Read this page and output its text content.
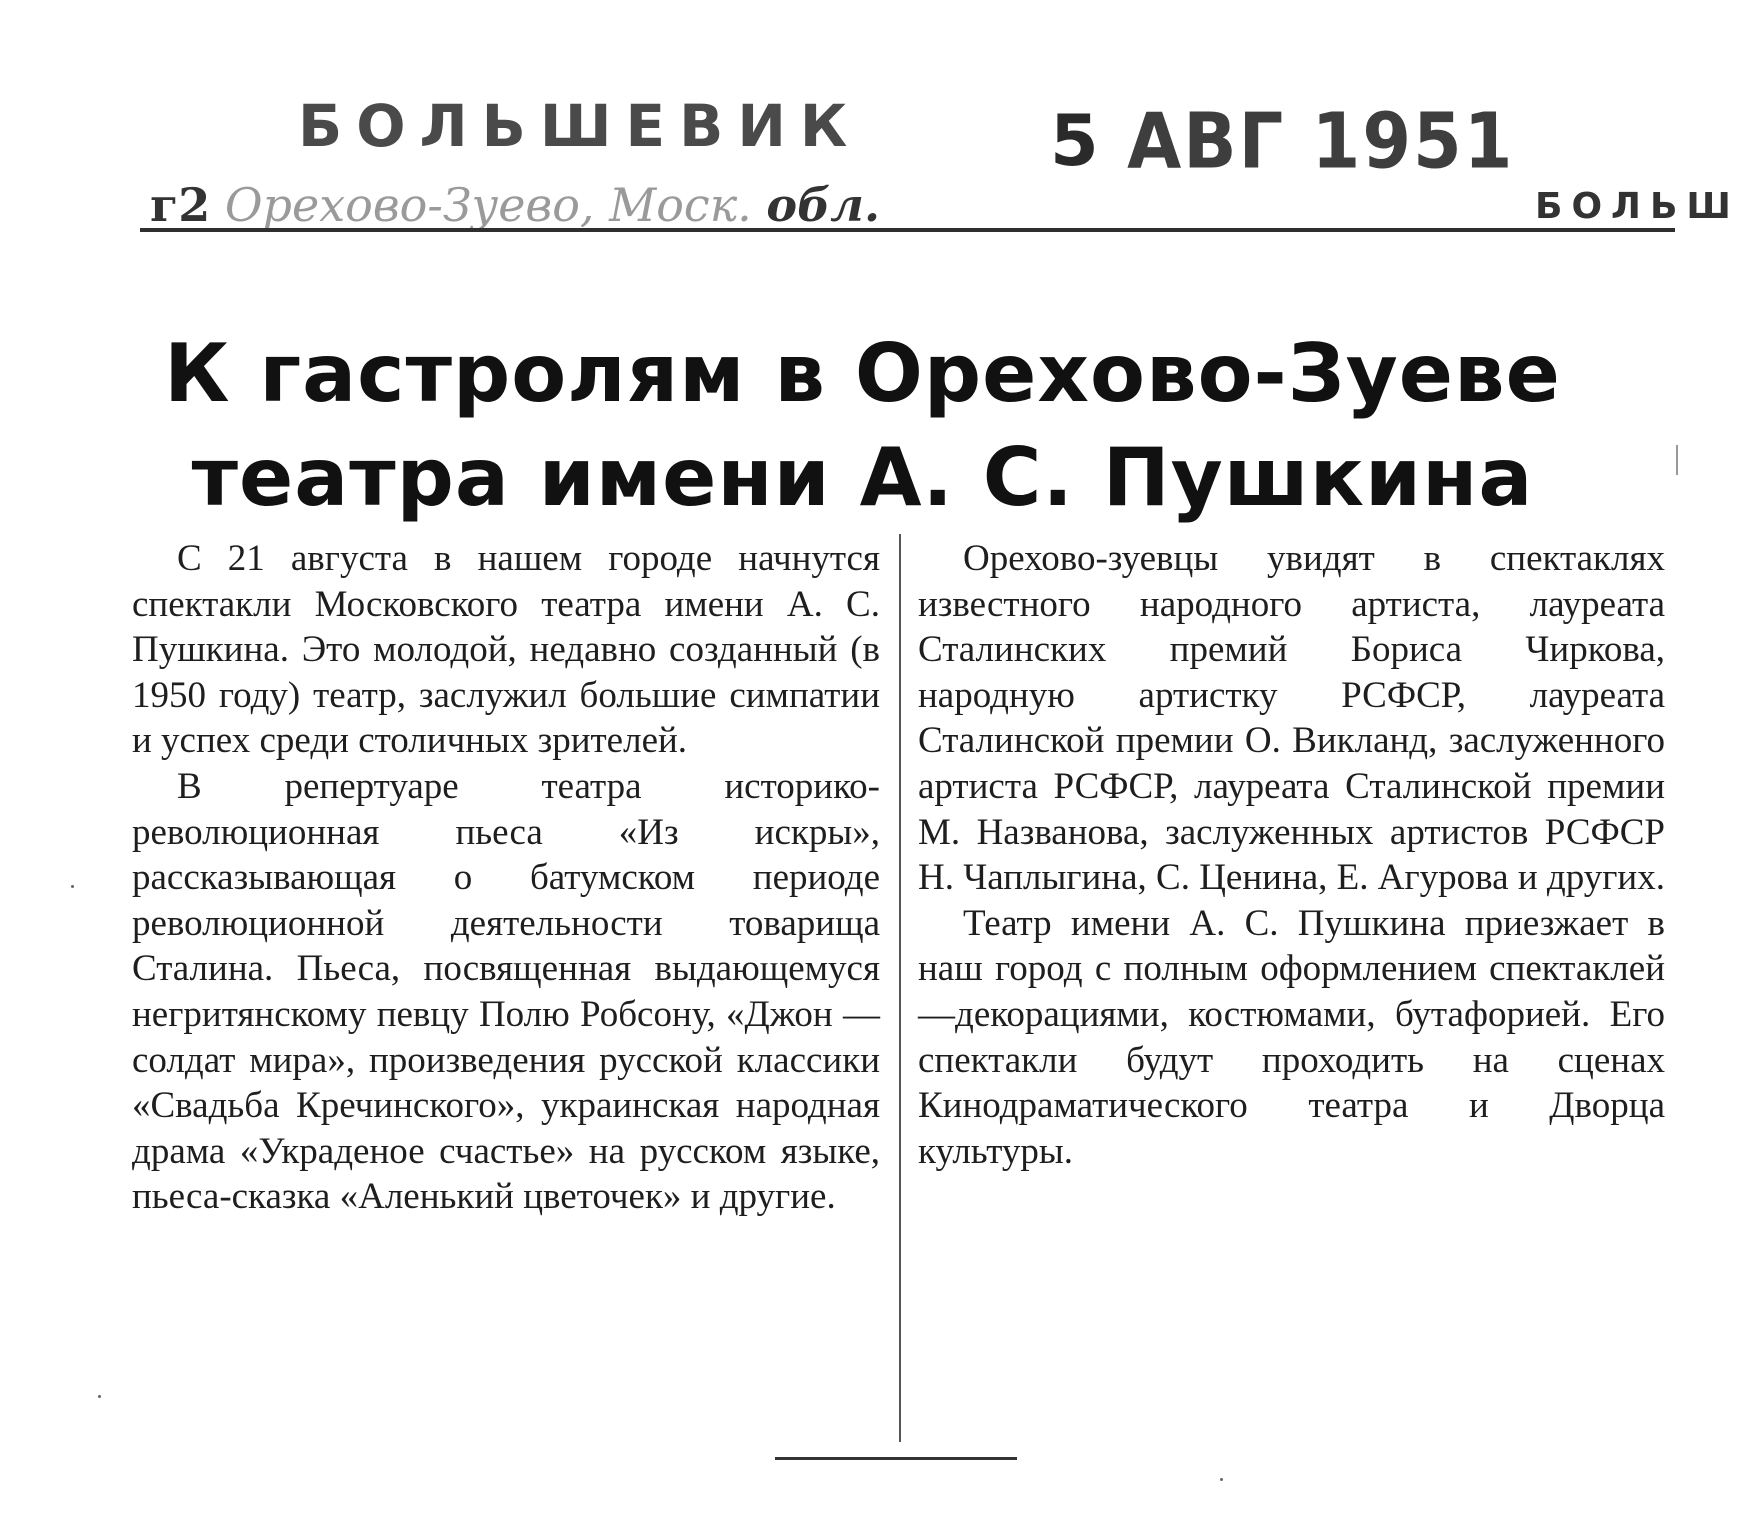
БОЛЬШЕВИК	5 АВГ 1951
г2 Орехово-Зуево, Моск. обл.	БОЛЬШ
К гастролям в Орехово-Зуеве
театра имени А. С. Пушкина

С 21 августа в нашем городе начнутся спектакли Московского театра имени А. С. Пушкина. Это молодой, недавно созданный (в 1950 году) театр, заслужил большие симпатии и успех среди столичных зрителей.

В репертуаре театра историко-революционная пьеса «Из искры», рассказывающая о батумском периоде революционной деятельности товарища Сталина. Пьеса, посвященная выдающемуся негритянскому певцу Полю Робсону, «Джон — солдат мира», произведения русской классики «Свадьба Кречинского», украинская народная драма «Украденое счастье» на русском языке, пьеса-сказка «Аленький цветочек» и другие.

Орехово-зуевцы увидят в спектаклях известного народного артиста, лауреата Сталинских премий Бориса Чиркова, народную артистку РСФСР, лауреата Сталинской премии О. Викланд, заслуженного артиста РСФСР, лауреата Сталинской премии М. Названова, заслуженных артистов РСФСР Н. Чаплыгина, С. Ценина, Е. Агурова и других.

Театр имени А. С. Пушкина приезжает в наш город с полным оформлением спектаклей—декорациями, костюмами, бутафорией. Его спектакли будут проходить на сценах Кинодраматического театра и Дворца культуры.
